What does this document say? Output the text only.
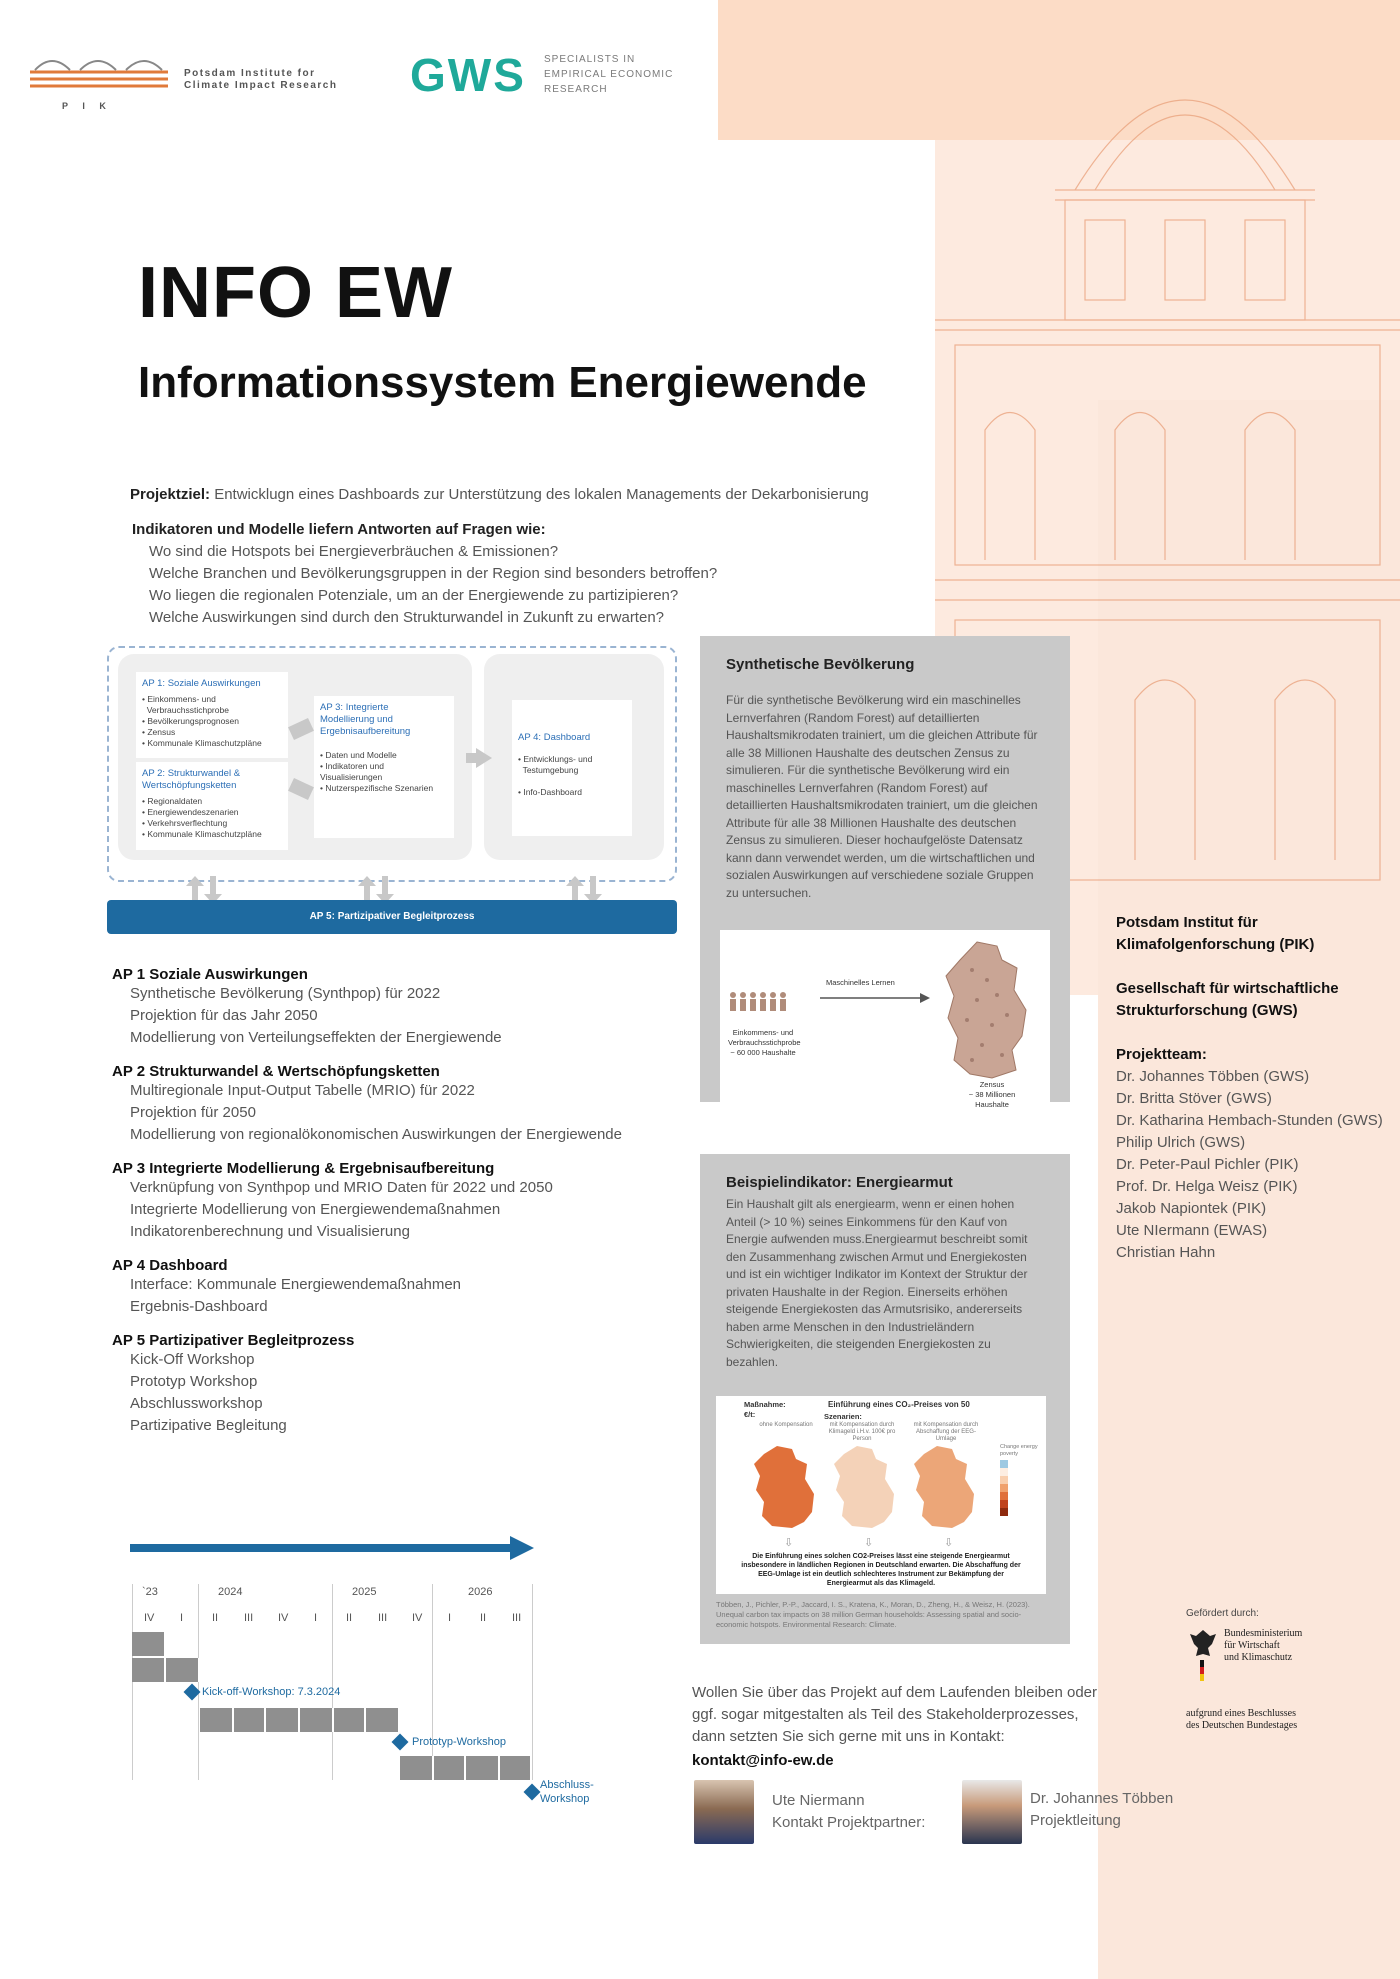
P I K
Potsdam Institute for
Climate Impact Research GWS SPECIALISTS IN
EMPIRICAL ECONOMIC
RESEARCH
INFO EW
Informationssystem Energiewende
Projektziel: Entwicklugn eines Dashboards zur Unterstützung des lokalen Managements der Dekarbonisierung
Indikatoren und Modelle liefern Antworten auf Fragen wie:
Wo sind die Hotspots bei Energieverbräuchen & Emissionen?
Welche Branchen und Bevölkerungsgruppen in der Region sind besonders betroffen?
Wo liegen die regionalen Potenziale, um an der Energiewende zu partizipieren?
Welche Auswirkungen sind durch den Strukturwandel in Zukunft zu erwarten?
AP 1: Soziale Auswirkungen
• Einkommens- und
Verbrauchsstichprobe
• Bevölkerungsprognosen
• Zensus
• Kommunale Klimaschutzpläne
AP 2: Strukturwandel &
Wertschöpfungsketten
• Regionaldaten
• Energiewendeszenarien
• Verkehrsverflechtung
• Kommunale Klimaschutzpläne
AP 3: Integrierte
Modellierung und
Ergebnisaufbereitung
• Daten und Modelle
• Indikatoren und Visualisierungen
• Nutzerspezifische Szenarien
AP 4: Dashboard
• Entwicklungs- und
Testumgebung
• Info-Dashboard
AP 5: Partizipativer Begleitprozess
AP 1 Soziale Auswirkungen
Synthetische Bevölkerung (Synthpop) für 2022
Projektion für das Jahr 2050
Modellierung von Verteilungseffekten der Energiewende
AP 2 Strukturwandel & Wertschöpfungsketten
Multiregionale Input-Output Tabelle (MRIO) für 2022
Projektion für 2050
Modellierung von regionalökonomischen Auswirkungen der Energiewende
AP 3 Integrierte Modellierung & Ergebnisaufbereitung
Verknüpfung von Synthpop und MRIO Daten für 2022 und 2050
Integrierte Modellierung von Energiewendemaßnahmen
Indikatorenberechnung und Visualisierung
AP 4 Dashboard
Interface: Kommunale Energiewendemaßnahmen
Ergebnis-Dashboard
AP 5 Partizipativer Begleitprozess
Kick-Off Workshop
Prototyp Workshop
Abschlussworkshop
Partizipative Begleitung
Synthetische Bevölkerung
Für die synthetische Bevölkerung wird ein maschinelles Lernverfahren (Random Forest) auf detaillierten Haushaltsmikrodaten trainiert, um die gleichen Attribute für alle 38 Millionen Haushalte des deutschen Zensus zu simulieren. Für die synthetische Bevölkerung wird ein maschinelles Lernverfahren (Random Forest) auf detaillierten Haushaltsmikrodaten trainiert, um die gleichen Attribute für alle 38 Millionen Haushalte des deutschen Zensus zu simulieren. Dieser hochaufgelöste Datensatz kann dann verwendet werden, um die wirtschaftlichen und sozialen Auswirkungen auf verschiedene soziale Gruppen zu untersuchen.
Maschinelles Lernen
Einkommens- und
Verbrauchsstichprobe
~ 60 000 Haushalte
Zensus
~ 38 Millionen Haushalte
Beispielindikator: Energiearmut
Ein Haushalt gilt als energiearm, wenn er einen hohen Anteil (> 10 %) seines Einkommens für den Kauf von Energie aufwenden muss.Energiearmut beschreibt somit den Zusammenhang zwischen Armut und Energiekosten und ist ein wichtiger Indikator im Kontext der Struktur der privaten Haushalte in der Region. Einerseits erhöhen steigende Energiekosten das Armutsrisiko, andererseits haben arme Menschen in den Industrieländern Schwierigkeiten, die steigenden Energiekosten zu bezahlen.
Maßnahme:
€/t:
Einführung eines CO₂-Preises von 50
Szenarien:
ohne Kompensation	mit Kompensation durch Klimageld i.H.v. 100€ pro Person
mit Kompensation durch Abschaffung der EEG-Umlage
Change energy poverty
⇩	⇩	⇩
Die Einführung eines solchen CO2-Preises lässt eine steigende Energiearmut insbesondere in ländlichen Regionen in Deutschland erwarten. Die Abschaffung der EEG-Umlage ist ein deutlich schlechteres Instrument zur Bekämpfung der Energiearmut als das Klimageld.
Többen, J., Pichler, P.-P., Jaccard, I. S., Kratena, K., Moran, D., Zheng, H., & Weisz, H. (2023). Unequal carbon tax impacts on 38 million German households: Assessing spatial and socio-economic hotspots. Environmental Research: Climate.
Potsdam Institut für Klimafolgenforschung (PIK)
Gesellschaft für wirtschaftliche Strukturforschung (GWS)
Projektteam:
Dr. Johannes Többen (GWS)
Dr. Britta Stöver (GWS)
Dr. Katharina Hembach-Stunden (GWS)
Philip Ulrich (GWS)
Dr. Peter-Paul Pichler (PIK)
Prof. Dr. Helga Weisz (PIK)
Jakob Napiontek (PIK)
Ute NIermann (EWAS)
Christian Hahn
Gefördert durch:
Bundesministerium
für Wirtschaft
und Klimaschutz
aufgrund eines Beschlusses
des Deutschen Bundestages
`23	2024	2025	2026
IV I	II III IV I	II III IV I	II III
Kick-off-Workshop: 7.3.2024
Prototyp-Workshop
Abschluss-
Workshop
Wollen Sie über das Projekt auf dem Laufenden bleiben oder
ggf. sogar mitgestalten als Teil des Stakeholderprozesses,
dann setzten Sie sich gerne mit uns in Kontakt:
kontakt@info-ew.de
Ute Niermann
Kontakt Projektpartner:
Dr. Johannes Többen
Projektleitung
